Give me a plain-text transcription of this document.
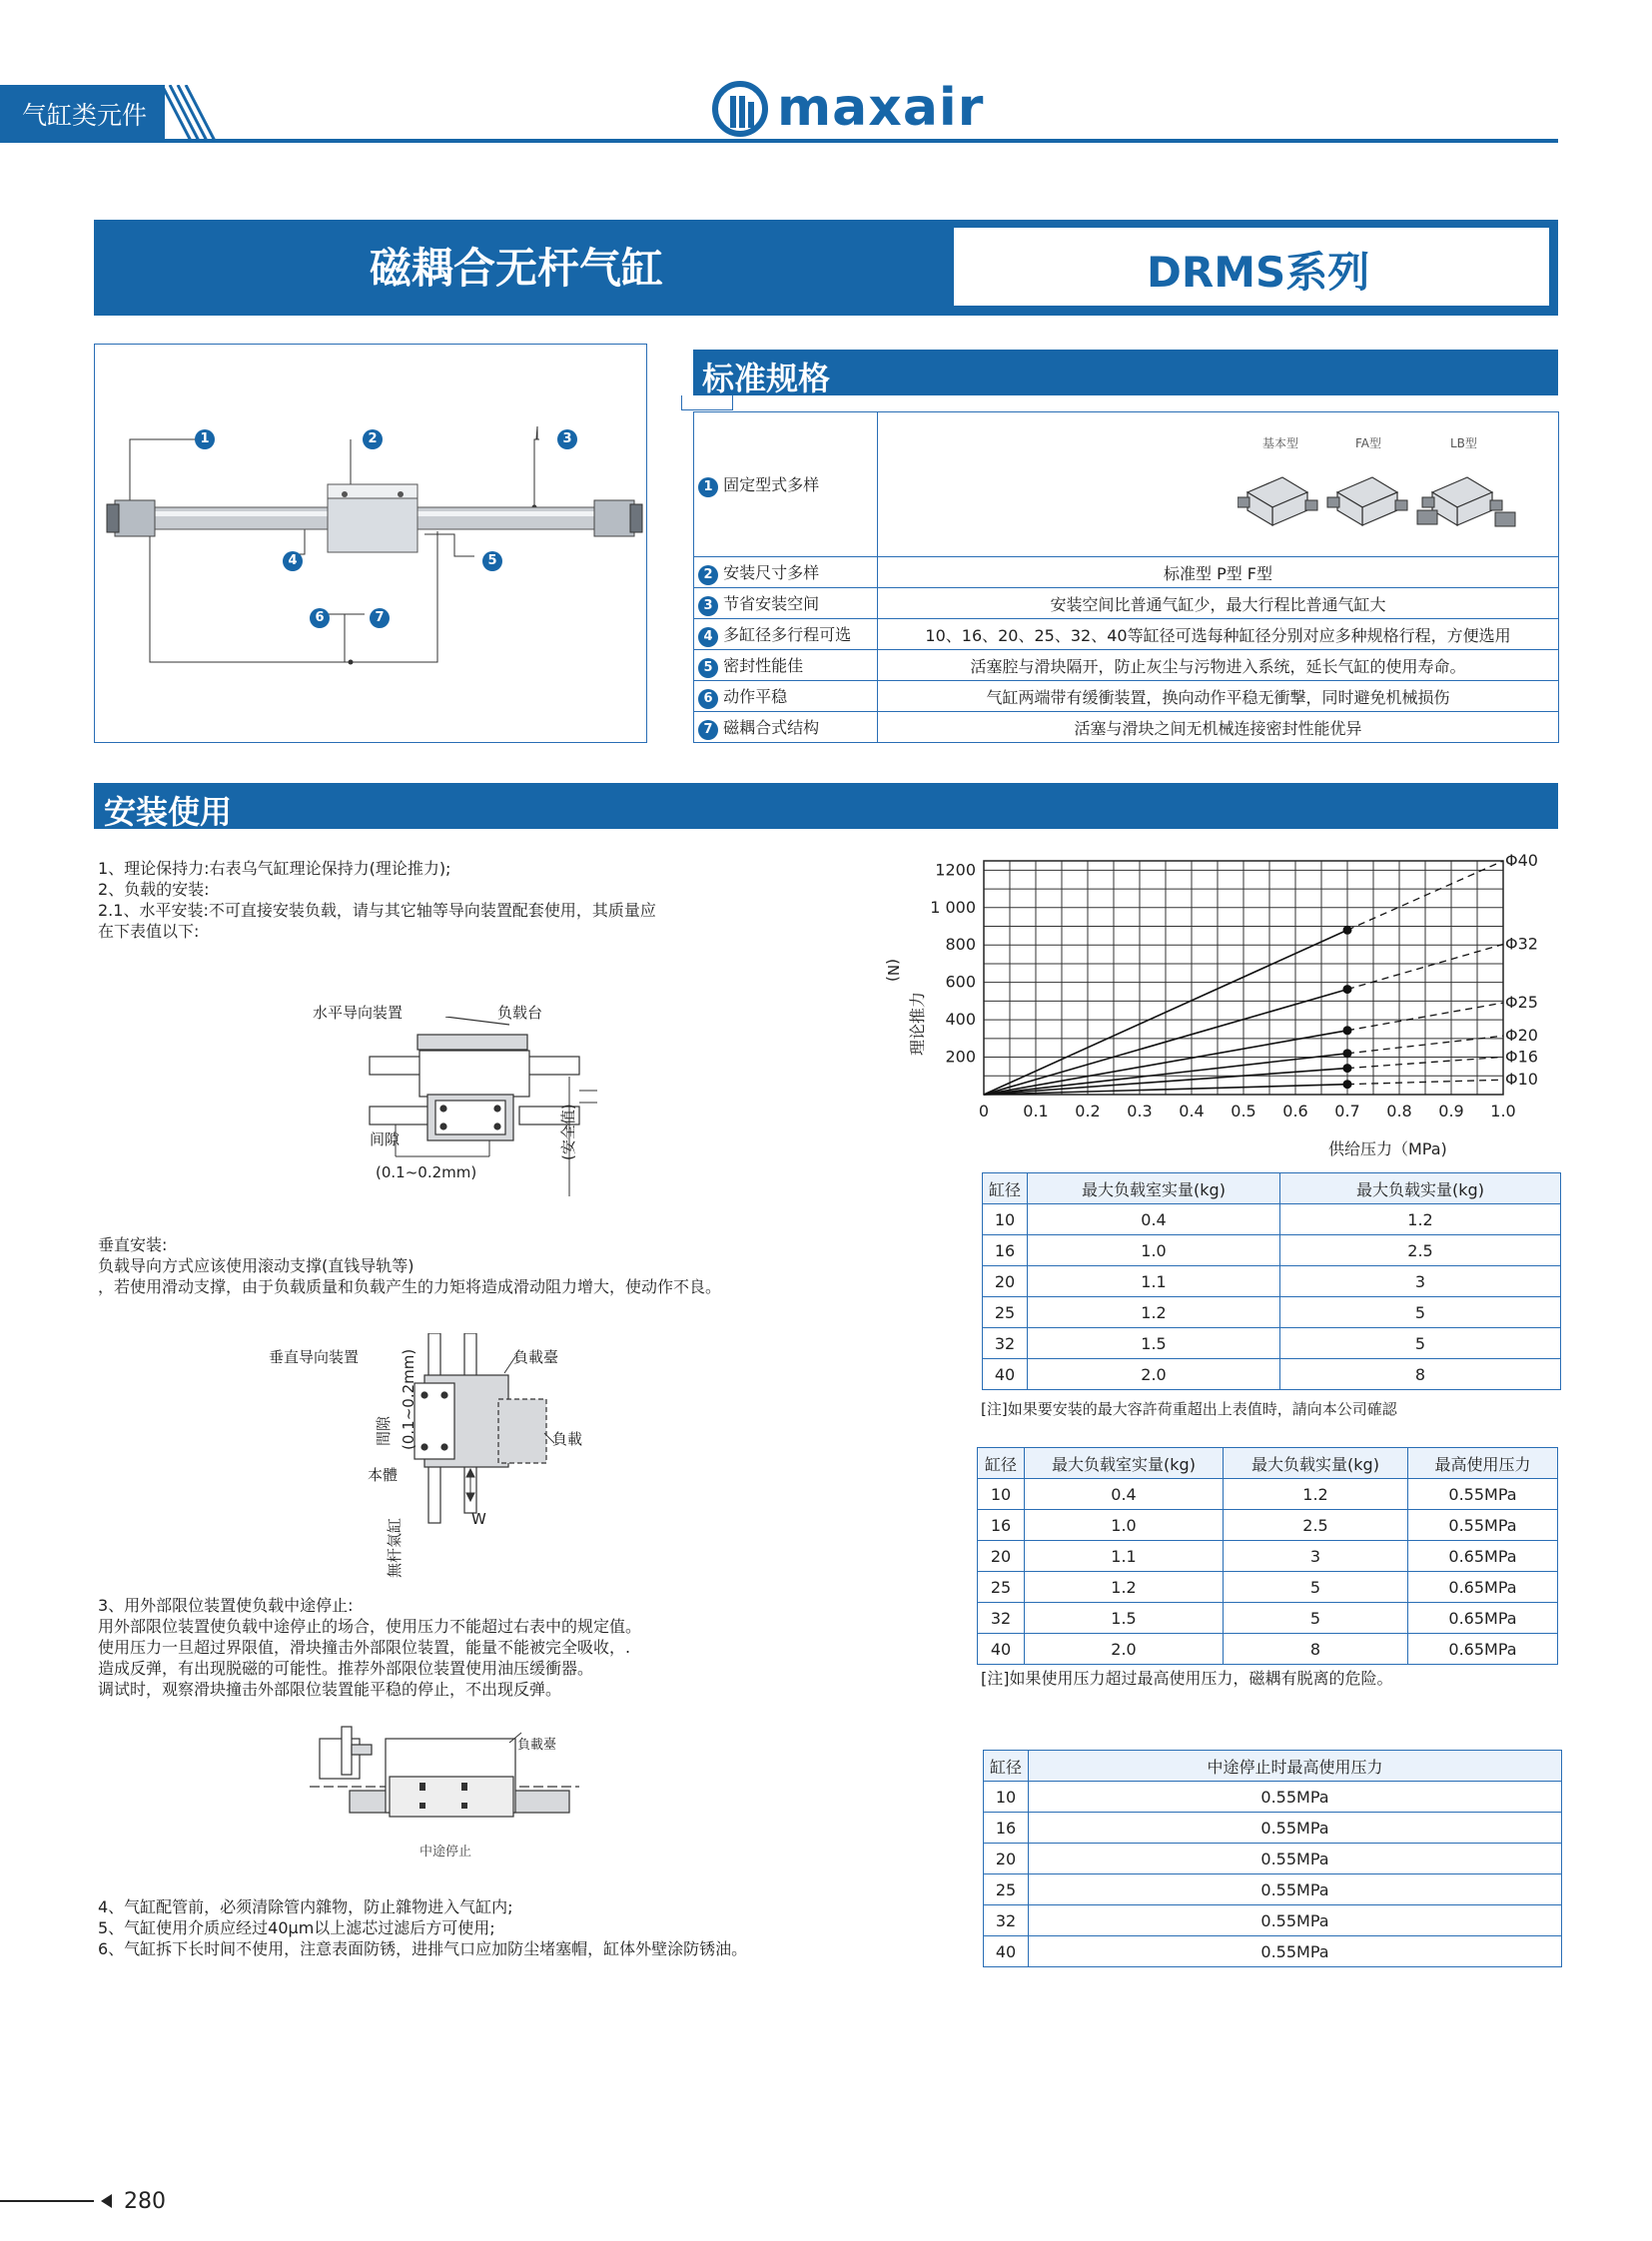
气缸类元件	maxair
磁耦合无杆气缸	DRMS系列
1	2	3
4	5
6	7
标准规格
1 固定型式多样	基本型 FA型 LB型

2 安装尺寸多样	标准型 P型 F型
3 节省安装空间	安装空间比普通气缸少，最大行程比普通气缸大
4 多缸径多行程可选	10、16、20、25、32、40等缸径可选每种缸径分别对应多种规格行程，方便选用
5 密封性能佳	活塞腔与滑块隔开，防止灰尘与污物进入系统，延长气缸的使用寿命。
6 动作平稳	气缸两端带有缓衝装置，换向动作平稳无衝撃，同时避免机械损伤
7 磁耦合式结构	活塞与滑块之间无机械连接密封性能优异
安装使用
1、理论保持力:右表乌气缸理论保持力(理论推力);
2、负载的安装:
2.1、水平安装:不可直接安装负载，请与其它轴等导向装置配套使用，其质量应
在下表值以下:
水平导向装置	负载台
间隙
(0.1~0.2mm)
(安全值)
垂直安装:
负载导向方式应该使用滚动支撑(直钱导轨等)
，若使用滑动支撑，由于负载质量和负载产生的力矩将造成滑动阻力增大，使动作不良。
垂直导向装置	負載臺
負載
W
(0.1~0.2mm)
間隙
本體
無杆氣缸
3、用外部限位装置使负载中途停止:
用外部限位装置使负载中途停止的场合，使用压力不能超过右表中的规定值。
使用压力一旦超过界限值，滑块撞击外部限位装置，能量不能被完全吸收，.
造成反弹，有出现脱磁的可能性。推荐外部限位装置使用油压缓衝器。
调试时，观察滑块撞击外部限位装置能平稳的停止，不出现反弹。
負載臺
中途停止
4、气缸配管前，必须清除管内雜物，防止雜物进入气缸内;
5、气缸使用介质应经过40μm以上滤芯过滤后方可使用;
6、气缸拆下长时间不使用，注意表面防锈，进排气口应加防尘堵塞帽，缸体外壁涂防锈油。
0 0.1 0.2 0.3 0.4 0.5 0.6 0.7 0.8 0.9 1.0
200
400
600
800
1 000
1200	Φ40
Φ32
Φ25
Φ20
Φ16
Φ10
理论推力
(N)
供给压力（MPa)
缸径	最大负载室实量(kg)	最大负载实量(kg)
10	0.4	1.2
16	1.0	2.5
20	1.1	3
25	1.2	5
32	1.5	5
40	2.0	8
[注]如果要安装的最大容許荷重超出上表值時，請向本公司確認
缸径	最大负载室实量(kg)	最大负载实量(kg)	最高使用压力
10	0.4	1.2	0.55MPa
16	1.0	2.5	0.55MPa
20	1.1	3	0.65MPa
25	1.2	5	0.65MPa
32	1.5	5	0.65MPa
40	2.0	8	0.65MPa
[注]如果使用压力超过最高使用压力，磁耦有脱离的危险。
缸径	中途停止时最高使用压力
10	0.55MPa
16	0.55MPa
20	0.55MPa
25	0.55MPa
32	0.55MPa
40	0.55MPa
280
